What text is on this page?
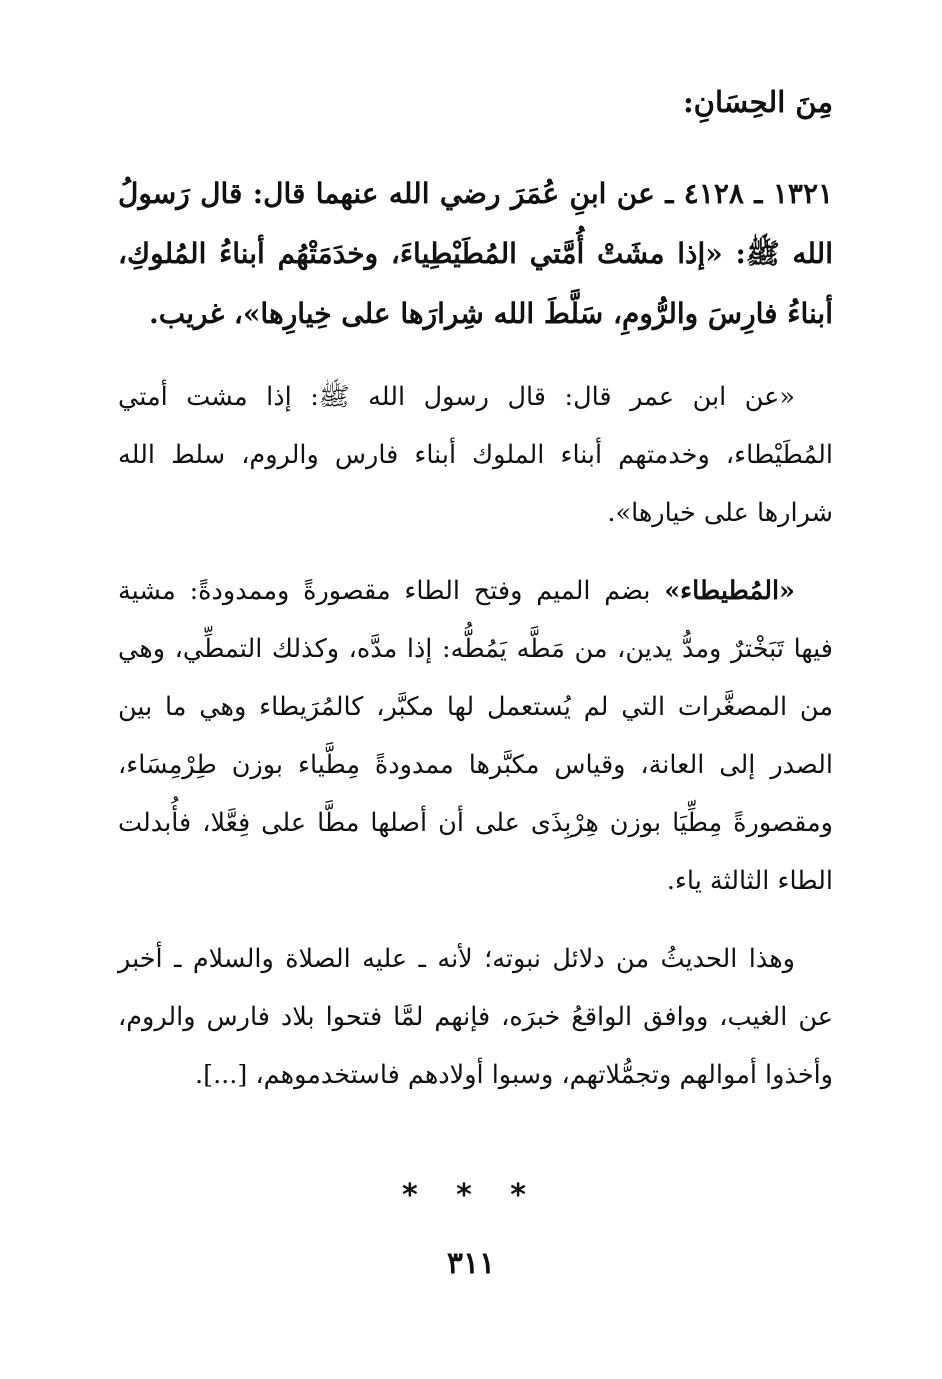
مِنَ الحِسَانِ:
١٣٢١ ـ ٤١٢٨ ـ عن ابنِ عُمَرَ رضي الله عنهما قال: قال رَسولُ الله ﷺ: «إذا مشَتْ أُمَّتي المُطَيْطِياءَ، وخدَمَتْهُم أبناءُ المُلوكِ، أبناءُ فارِسَ والرُّومِ، سَلَّطَ الله شِرارَها على خِيارِها»، غريب.
«عن ابن عمر قال: قال رسول الله ﷺ: إذا مشت أمتي المُطَيْطاء، وخدمتهم أبناء الملوك أبناء فارس والروم، سلط الله شرارها على خيارها».
«المُطيطاء» بضم الميم وفتح الطاء مقصورةً وممدودةً: مشية فيها تَبَخْترٌ ومدُّ يدين، من مَطَّه يَمُطُّه: إذا مدَّه، وكذلك التمطِّي، وهي من المصغَّرات التي لم يُستعمل لها مكبَّر، كالمُرَيطاء وهي ما بين الصدر إلى العانة، وقياس مكبَّرها ممدودةً مِطَّياء بوزن طِرْمِسَاء، ومقصورةً مِطِّيَا بوزن هِرْبِذَى على أن أصلها مطَّا على فِعَّلا، فأُبدلت الطاء الثالثة ياء.
وهذا الحديثُ من دلائل نبوته؛ لأنه ـ عليه الصلاة والسلام ـ أخبر عن الغيب، ووافق الواقعُ خبرَه، فإنهم لمَّا فتحوا بلاد فارس والروم، وأخذوا أموالهم وتجمُّلاتهم، وسبوا أولادهم فاستخدموهم، [...].
* * *
٣١١
